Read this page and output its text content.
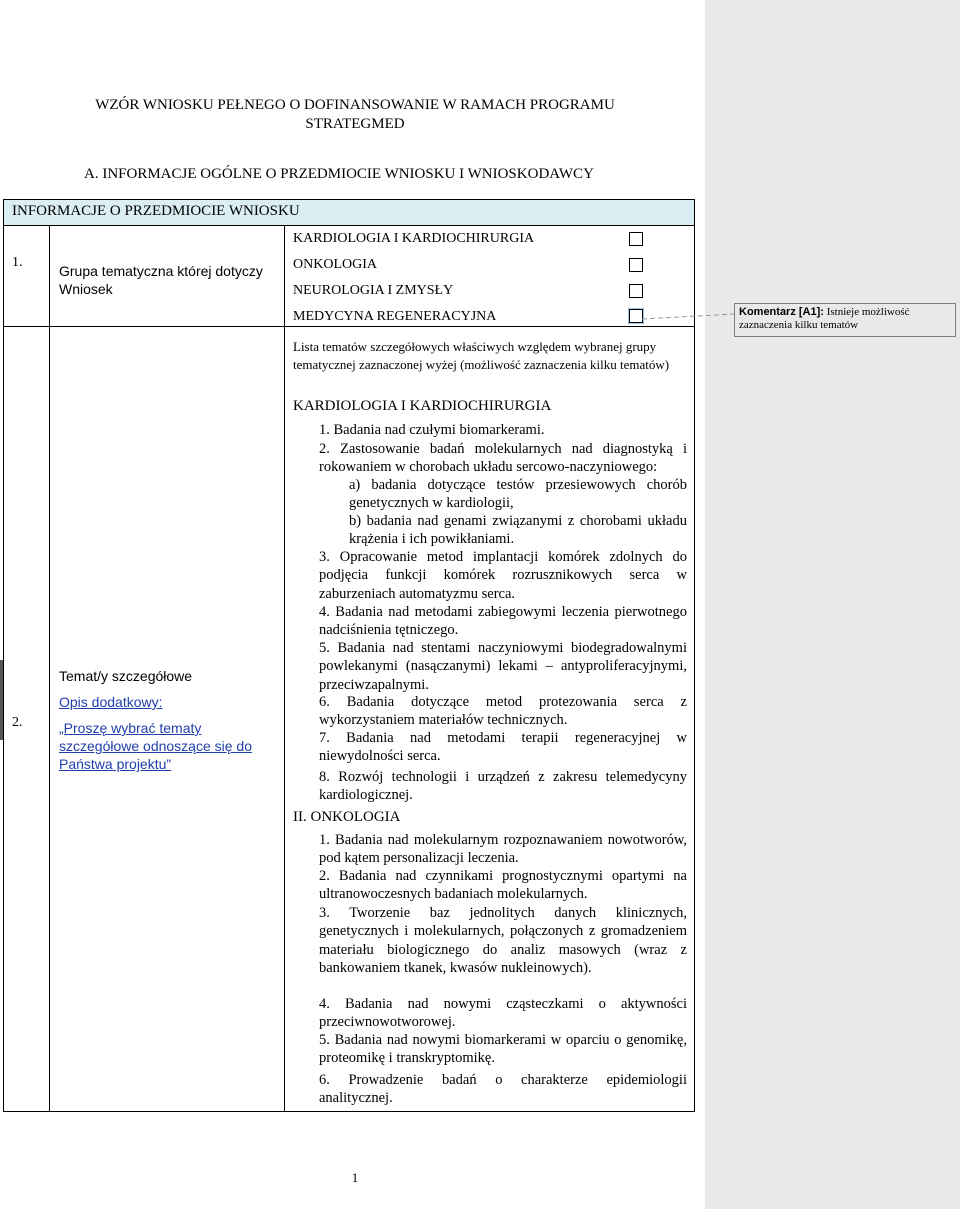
WZÓR WNIOSKU PEŁNEGO O DOFINANSOWANIE W RAMACH PROGRAMU
STRATEGMED
A. INFORMACJE OGÓLNE O PRZEDMIOCIE WNIOSKU I WNIOSKODAWCY
INFORMACJE O PRZEDMIOCIE WNIOSKU
1.
Grupa tematyczna której dotyczy Wniosek
KARDIOLOGIA I KARDIOCHIRURGIA
ONKOLOGIA
NEUROLOGIA I ZMYSŁY
MEDYCYNA REGENERACYJNA	Komentarz [A1]: Istnieje możliwość zaznaczenia kilku tematów
2.
Temat/y szczegółowe
Opis dodatkowy:
„Proszę wybrać tematy szczegółowe odnoszące się do Państwa projektu”
Lista tematów szczegółowych właściwych względem wybranej grupy tematycznej zaznaczonej wyżej (możliwość zaznaczenia kilku tematów)
KARDIOLOGIA I KARDIOCHIRURGIA
1. Badania nad czułymi biomarkerami.
2. Zastosowanie badań molekularnych nad diagnostyką i rokowaniem w chorobach układu sercowo-naczyniowego:
a) badania dotyczące testów przesiewowych chorób genetycznych w kardiologii,
b) badania nad genami związanymi z chorobami układu krążenia i ich powikłaniami.
3. Opracowanie metod implantacji komórek zdolnych do podjęcia funkcji komórek rozrusznikowych serca w zaburzeniach automatyzmu serca.
4. Badania nad metodami zabiegowymi leczenia pierwotnego nadciśnienia tętniczego.
5. Badania nad stentami naczyniowymi biodegradowalnymi powlekanymi (nasączanymi) lekami – antyproliferacyjnymi, przeciwzapalnymi.
6. Badania dotyczące metod protezowania serca z wykorzystaniem materiałów technicznych.
7. Badania nad metodami terapii regeneracyjnej w niewydolności serca.
8. Rozwój technologii i urządzeń z zakresu telemedycyny kardiologicznej.
II. ONKOLOGIA
1. Badania nad molekularnym rozpoznawaniem nowotworów, pod kątem personalizacji leczenia.
2. Badania nad czynnikami prognostycznymi opartymi na ultranowoczesnych badaniach molekularnych.
3. Tworzenie baz jednolitych danych klinicznych, genetycznych i molekularnych, połączonych z gromadzeniem materiału biologicznego do analiz masowych (wraz z bankowaniem tkanek, kwasów nukleinowych).
4. Badania nad nowymi cząsteczkami o aktywności przeciwnowotworowej.
5. Badania nad nowymi biomarkerami w oparciu o genomikę, proteomikę i transkryptomikę.
6. Prowadzenie badań o charakterze epidemiologii analitycznej.
1
